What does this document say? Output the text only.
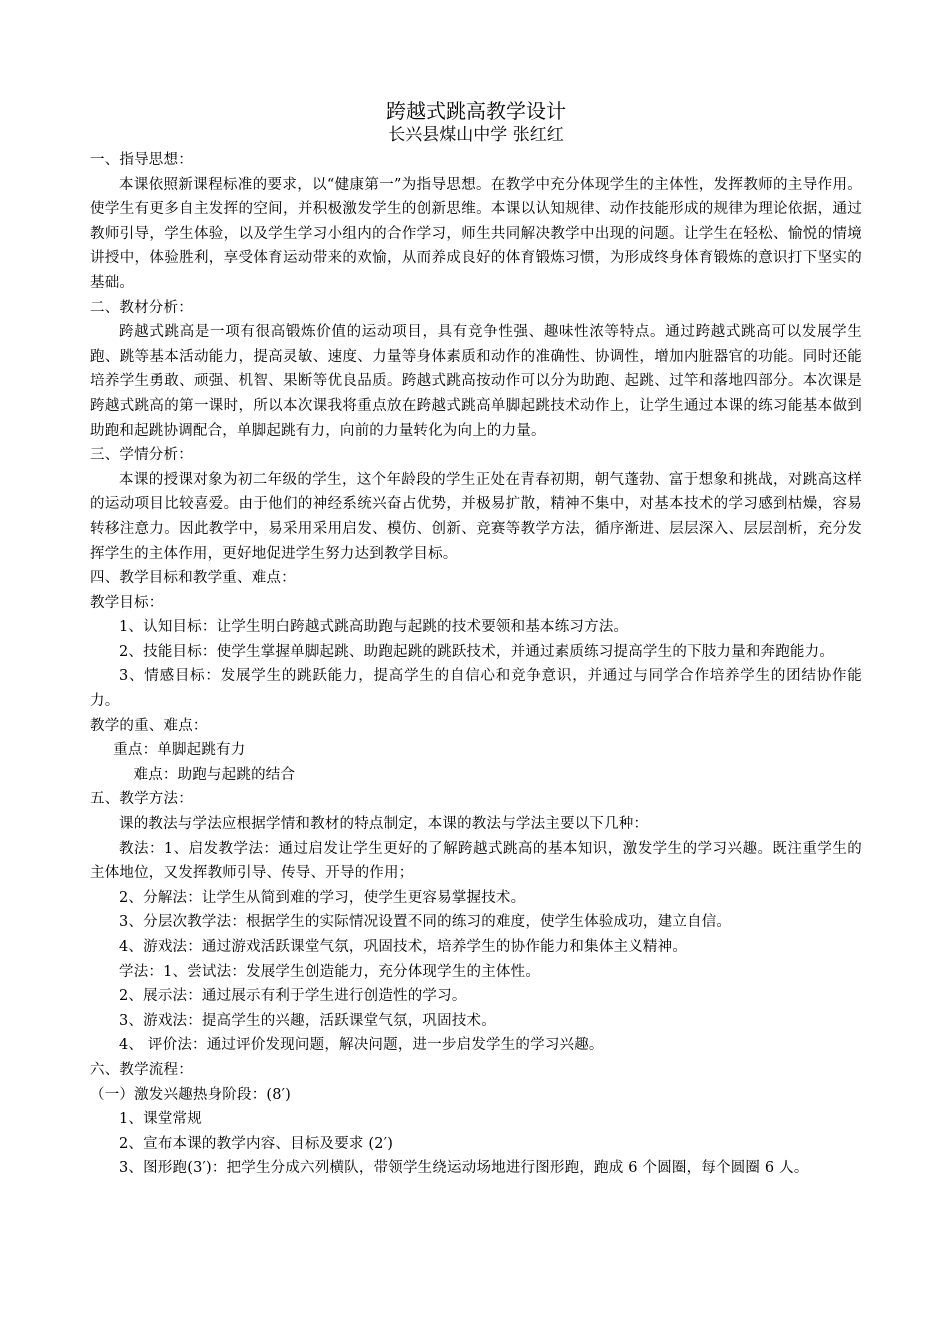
跨越式跳高教学设计
长兴县煤山中学 张红红

一、指导思想：

本课依照新课程标准的要求，以“健康第一”为指导思想。在教学中充分体现学生的主体性，发挥教师的主导作用。使学生有更多自主发挥的空间，并积极激发学生的创新思维。本课以认知规律、动作技能形成的规律为理论依据，通过教师引导，学生体验，以及学生学习小组内的合作学习，师生共同解决教学中出现的问题。让学生在轻松、愉悦的情境讲授中，体验胜利，享受体育运动带来的欢愉，从而养成良好的体育锻炼习惯，为形成终身体育锻炼的意识打下坚实的基础。

二、教材分析：

跨越式跳高是一项有很高锻炼价值的运动项目，具有竞争性强、趣味性浓等特点。通过跨越式跳高可以发展学生跑、跳等基本活动能力，提高灵敏、速度、力量等身体素质和动作的准确性、协调性，增加内脏器官的功能。同时还能培养学生勇敢、顽强、机智、果断等优良品质。跨越式跳高按动作可以分为助跑、起跳、过竿和落地四部分。本次课是跨越式跳高的第一课时，所以本次课我将重点放在跨越式跳高单脚起跳技术动作上，让学生通过本课的练习能基本做到助跑和起跳协调配合，单脚起跳有力，向前的力量转化为向上的力量。

三、学情分析：

本课的授课对象为初二年级的学生，这个年龄段的学生正处在青春初期，朝气蓬勃、富于想象和挑战，对跳高这样的运动项目比较喜爱。由于他们的神经系统兴奋占优势，并极易扩散，精神不集中，对基本技术的学习感到枯燥，容易转移注意力。因此教学中，易采用采用启发、模仿、创新、竞赛等教学方法，循序渐进、层层深入、层层剖析，充分发挥学生的主体作用，更好地促进学生努力达到教学目标。

四、教学目标和教学重、难点：

教学目标：

1、认知目标：让学生明白跨越式跳高助跑与起跳的技术要领和基本练习方法。

2、技能目标：使学生掌握单脚起跳、助跑起跳的跳跃技术，并通过素质练习提高学生的下肢力量和奔跑能力。

3、情感目标：发展学生的跳跃能力，提高学生的自信心和竞争意识，并通过与同学合作培养学生的团结协作能力。

教学的重、难点：

重点：单脚起跳有力

难点：助跑与起跳的结合

五、教学方法：

课的教法与学法应根据学情和教材的特点制定，本课的教法与学法主要以下几种：

教法：1、启发教学法：通过启发让学生更好的了解跨越式跳高的基本知识，激发学生的学习兴趣。既注重学生的主体地位，又发挥教师引导、传导、开导的作用；

2、分解法：让学生从简到难的学习，使学生更容易掌握技术。

3、分层次教学法：根据学生的实际情况设置不同的练习的难度，使学生体验成功，建立自信。

4、游戏法：通过游戏活跃课堂气氛，巩固技术，培养学生的协作能力和集体主义精神。

学法：1、尝试法：发展学生创造能力，充分体现学生的主体性。

2、展示法：通过展示有利于学生进行创造性的学习。

3、游戏法：提高学生的兴趣，活跃课堂气氛，巩固技术。

4、 评价法：通过评价发现问题，解决问题，进一步启发学生的学习兴趣。

六、教学流程：

（一）激发兴趣热身阶段：(8′)

1、课堂常规

2、宣布本课的教学内容、目标及要求 (2′)

3、图形跑(3′)：把学生分成六列横队，带领学生绕运动场地进行图形跑，跑成 6 个圆圈，每个圆圈 6 人。
